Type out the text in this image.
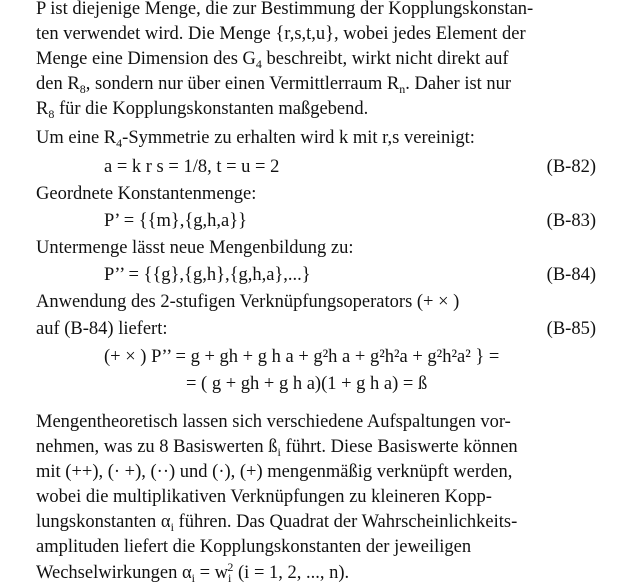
P ist diejenige Menge, die zur Bestimmung der Kopplungskonstan-
ten verwendet wird. Die Menge {r,s,t,u}, wobei jedes Element der
Menge eine Dimension des $G_4$ beschreibt, wirkt nicht direkt auf
den $R_8$, sondern nur über einen Vermittlerraum $R_n$. Daher ist nur
$R_8$ für die Kopplungskonstanten maßgebend.
Um eine $R_4$-Symmetrie zu erhalten wird k mit r,s vereinigt:
a = k r s = 1/8, t = u = 2	(B-82)
Geordnete Konstantenmenge:
P’ = {{m},{g,h,a}}	(B-83)
Untermenge lässt neue Mengenbildung zu:
P’’ = {{g},{g,h},{g,h,a},...}	(B-84)
Anwendung des 2-stufigen Verknüpfungsoperators (+ × )
auf (B-84) liefert:	(B-85)
(+ × ) P’’ = g + gh + g h a + g²h a + g²h²a + g²h²a² } =
= ( g + gh + g h a)(1 + g h a) = ß
Mengentheoretisch lassen sich verschiedene Aufspaltungen vor-
nehmen, was zu 8 Basiswerten $ß_i$ führt. Diese Basiswerte können
mit (++), (· +), (··) und (·), (+) mengenmäßig verknüpft werden,
wobei die multiplikativen Verknüpfungen zu kleineren Kopp-
lungskonstanten $\alpha_i$ führen. Das Quadrat der Wahrscheinlichkeits-
amplituden liefert die Kopplungskonstanten der jeweiligen
Wechselwirkungen $\alpha_i = w_i^2$ (i = 1, 2, ..., n).
